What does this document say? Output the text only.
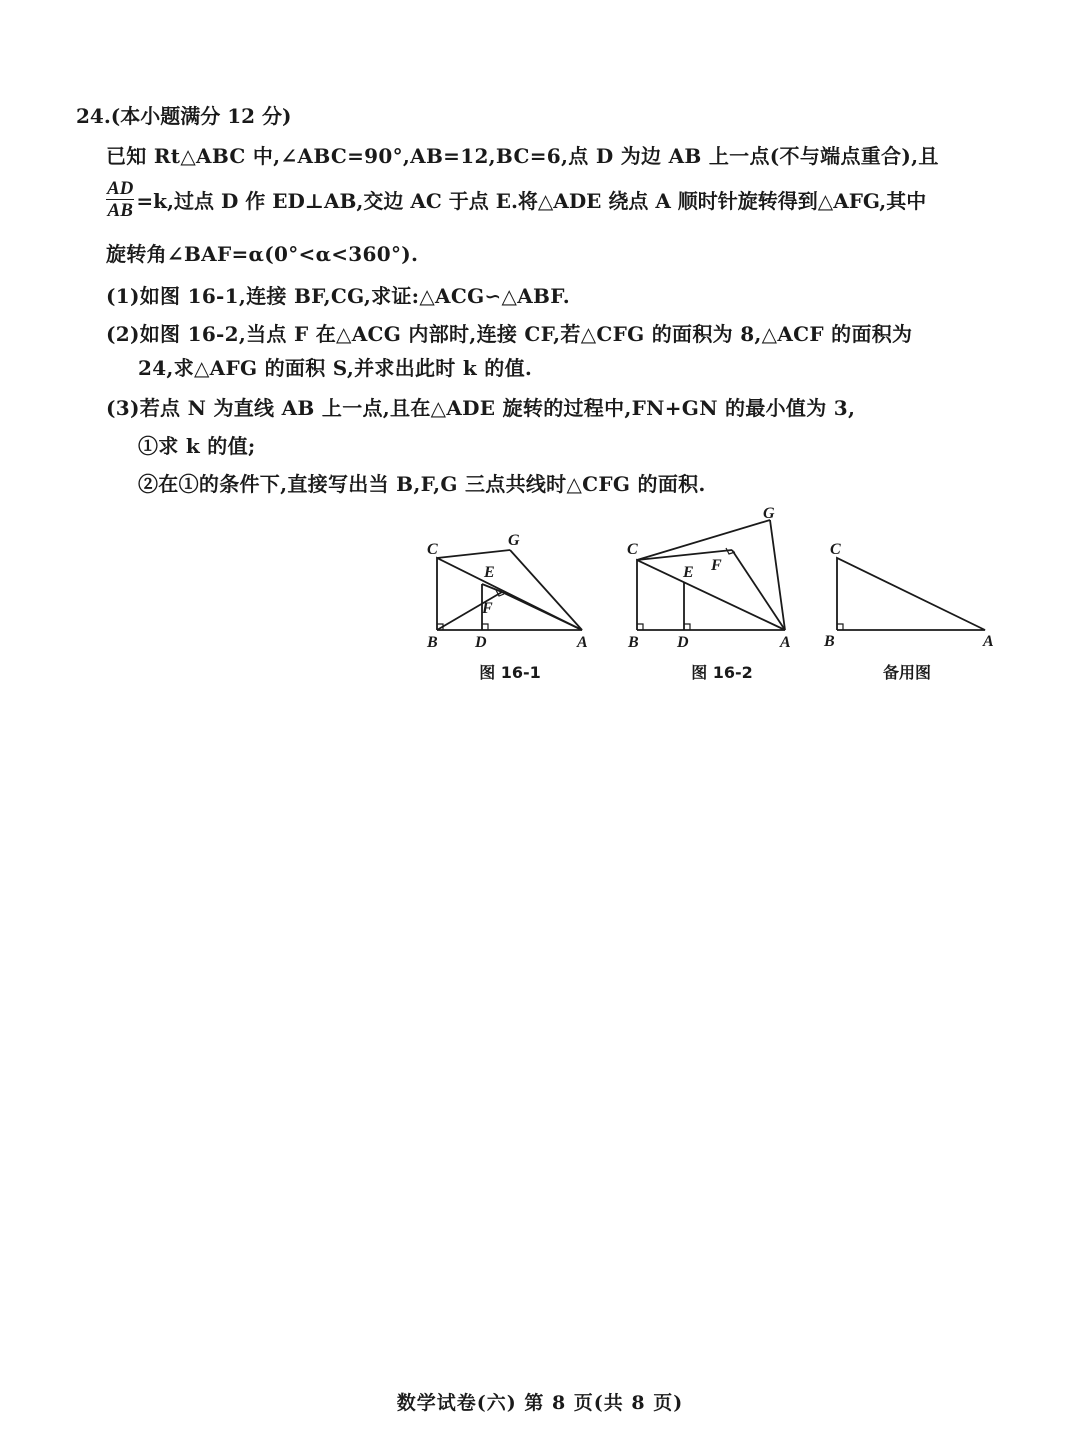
24.(本小题满分 12 分)
已知 Rt△ABC 中,∠ABC=90°,AB=12,BC=6,点 D 为边 AB 上一点(不与端点重合),且
$\frac{AD}{AB} =k$,过点 D 作 ED⊥AB,交边 AC 于点 E.将△ADE 绕点 A 顺时针旋转得到△AFG,其中
旋转角∠BAF=α(0°<α<360°).
(1)如图 16-1,连接 BF,CG,求证:△ACG∽△ABF.
(2)如图 16-2,当点 F 在△ACG 内部时,连接 CF,若△CFG 的面积为 8,△ACF 的面积为
24,求△AFG 的面积 S,并求出此时 k 的值.
(3)若点 N 为直线 AB 上一点,且在△ADE 旋转的过程中,FN+GN 的最小值为 3,
①求 k 的值;
②在①的条件下,直接写出当 B,F,G 三点共线时△CFG 的面积.
C
G
E
F
B D	A
C
G
E F
B D	A
C
B	A
图 16-1	图 16-2	备用图
数学试卷(六) 第 8 页(共 8 页)
